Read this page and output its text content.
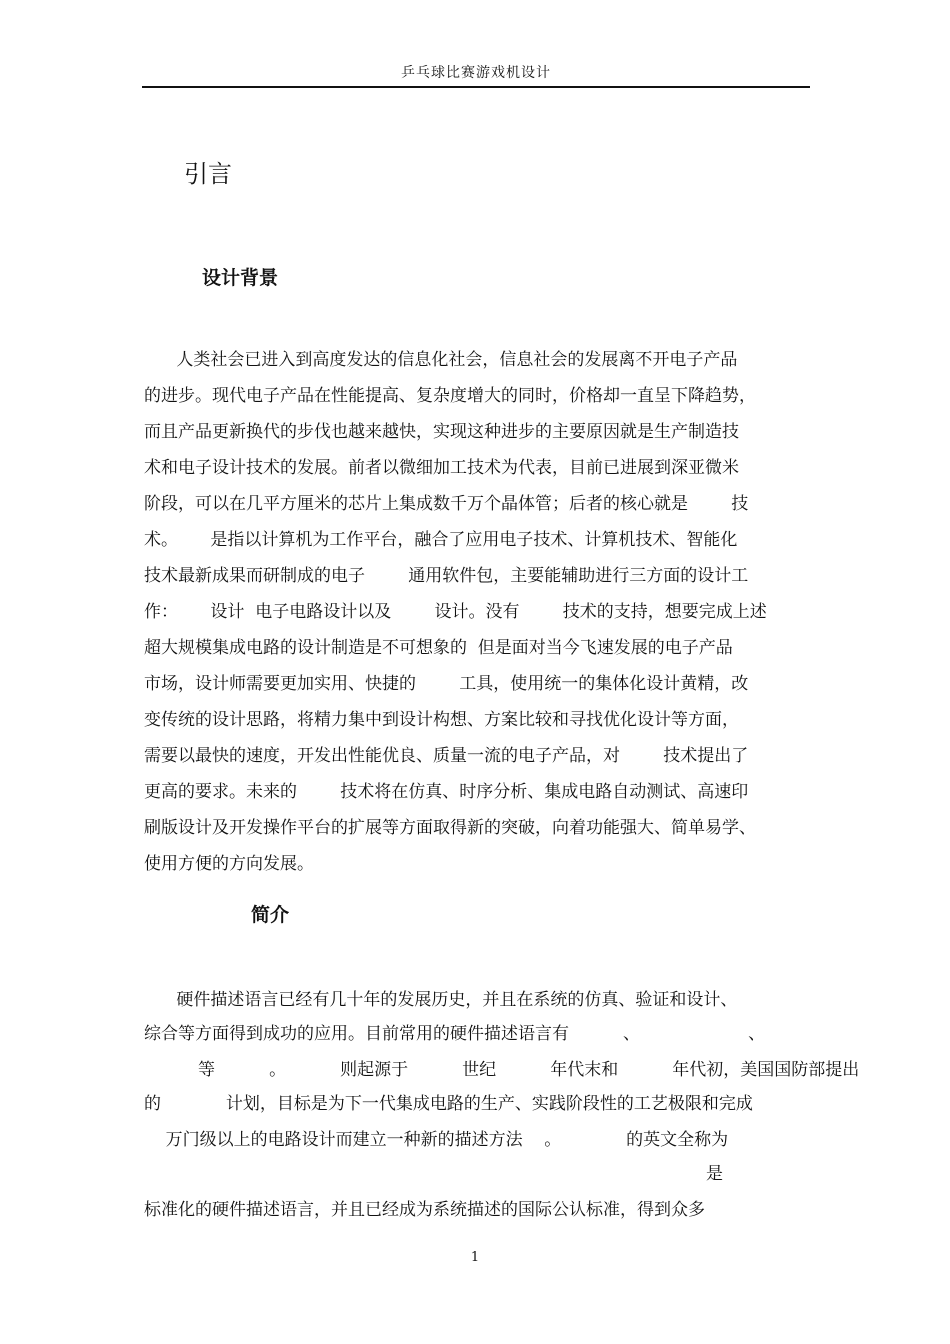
乒乓球比赛游戏机设计
引言
设计背景
人类社会已进入到高度发达的信息化社会，信息社会的发展离不开电子产品
的进步。现代电子产品在性能提高、复杂度增大的同时，价格却一直呈下降趋势，
而且产品更新换代的步伐也越来越快，实现这种进步的主要原因就是生产制造技
术和电子设计技术的发展。前者以微细加工技术为代表，目前已进展到深亚微米
阶段，可以在几平方厘米的芯片上集成数千万个晶体管；后者的核心就是        技
术。      是指以计算机为工作平台，融合了应用电子技术、计算机技术、智能化
技术最新成果而研制成的电子        通用软件包，主要能辅助进行三方面的设计工
作：      设计  电子电路设计以及        设计。没有        技术的支持，想要完成上述
超大规模集成电路的设计制造是不可想象的  但是面对当今飞速发展的电子产品
市场，设计师需要更加实用、快捷的        工具，使用统一的集体化设计黄精，改
变传统的设计思路，将精力集中到设计构想、方案比较和寻找优化设计等方面，
需要以最快的速度，开发出性能优良、质量一流的电子产品，对        技术提出了
更高的要求。未来的        技术将在仿真、时序分析、集成电路自动测试、高速印
刷版设计及开发操作平台的扩展等方面取得新的突破，向着功能强大、简单易学、
使用方便的方向发展。
简介
硬件描述语言已经有几十年的发展历史，并且在系统的仿真、验证和设计、
综合等方面得到成功的应用。目前常用的硬件描述语言有          、                    、
等          。          则起源于          世纪          年代末和          年代初，美国国防部提出
的            计划，目标是为下一代集成电路的生产、实践阶段性的工艺极限和完成
万门级以上的电路设计而建立一种新的描述方法    。            的英文全称为
是
标准化的硬件描述语言，并且已经成为系统描述的国际公认标准，得到众多
1
